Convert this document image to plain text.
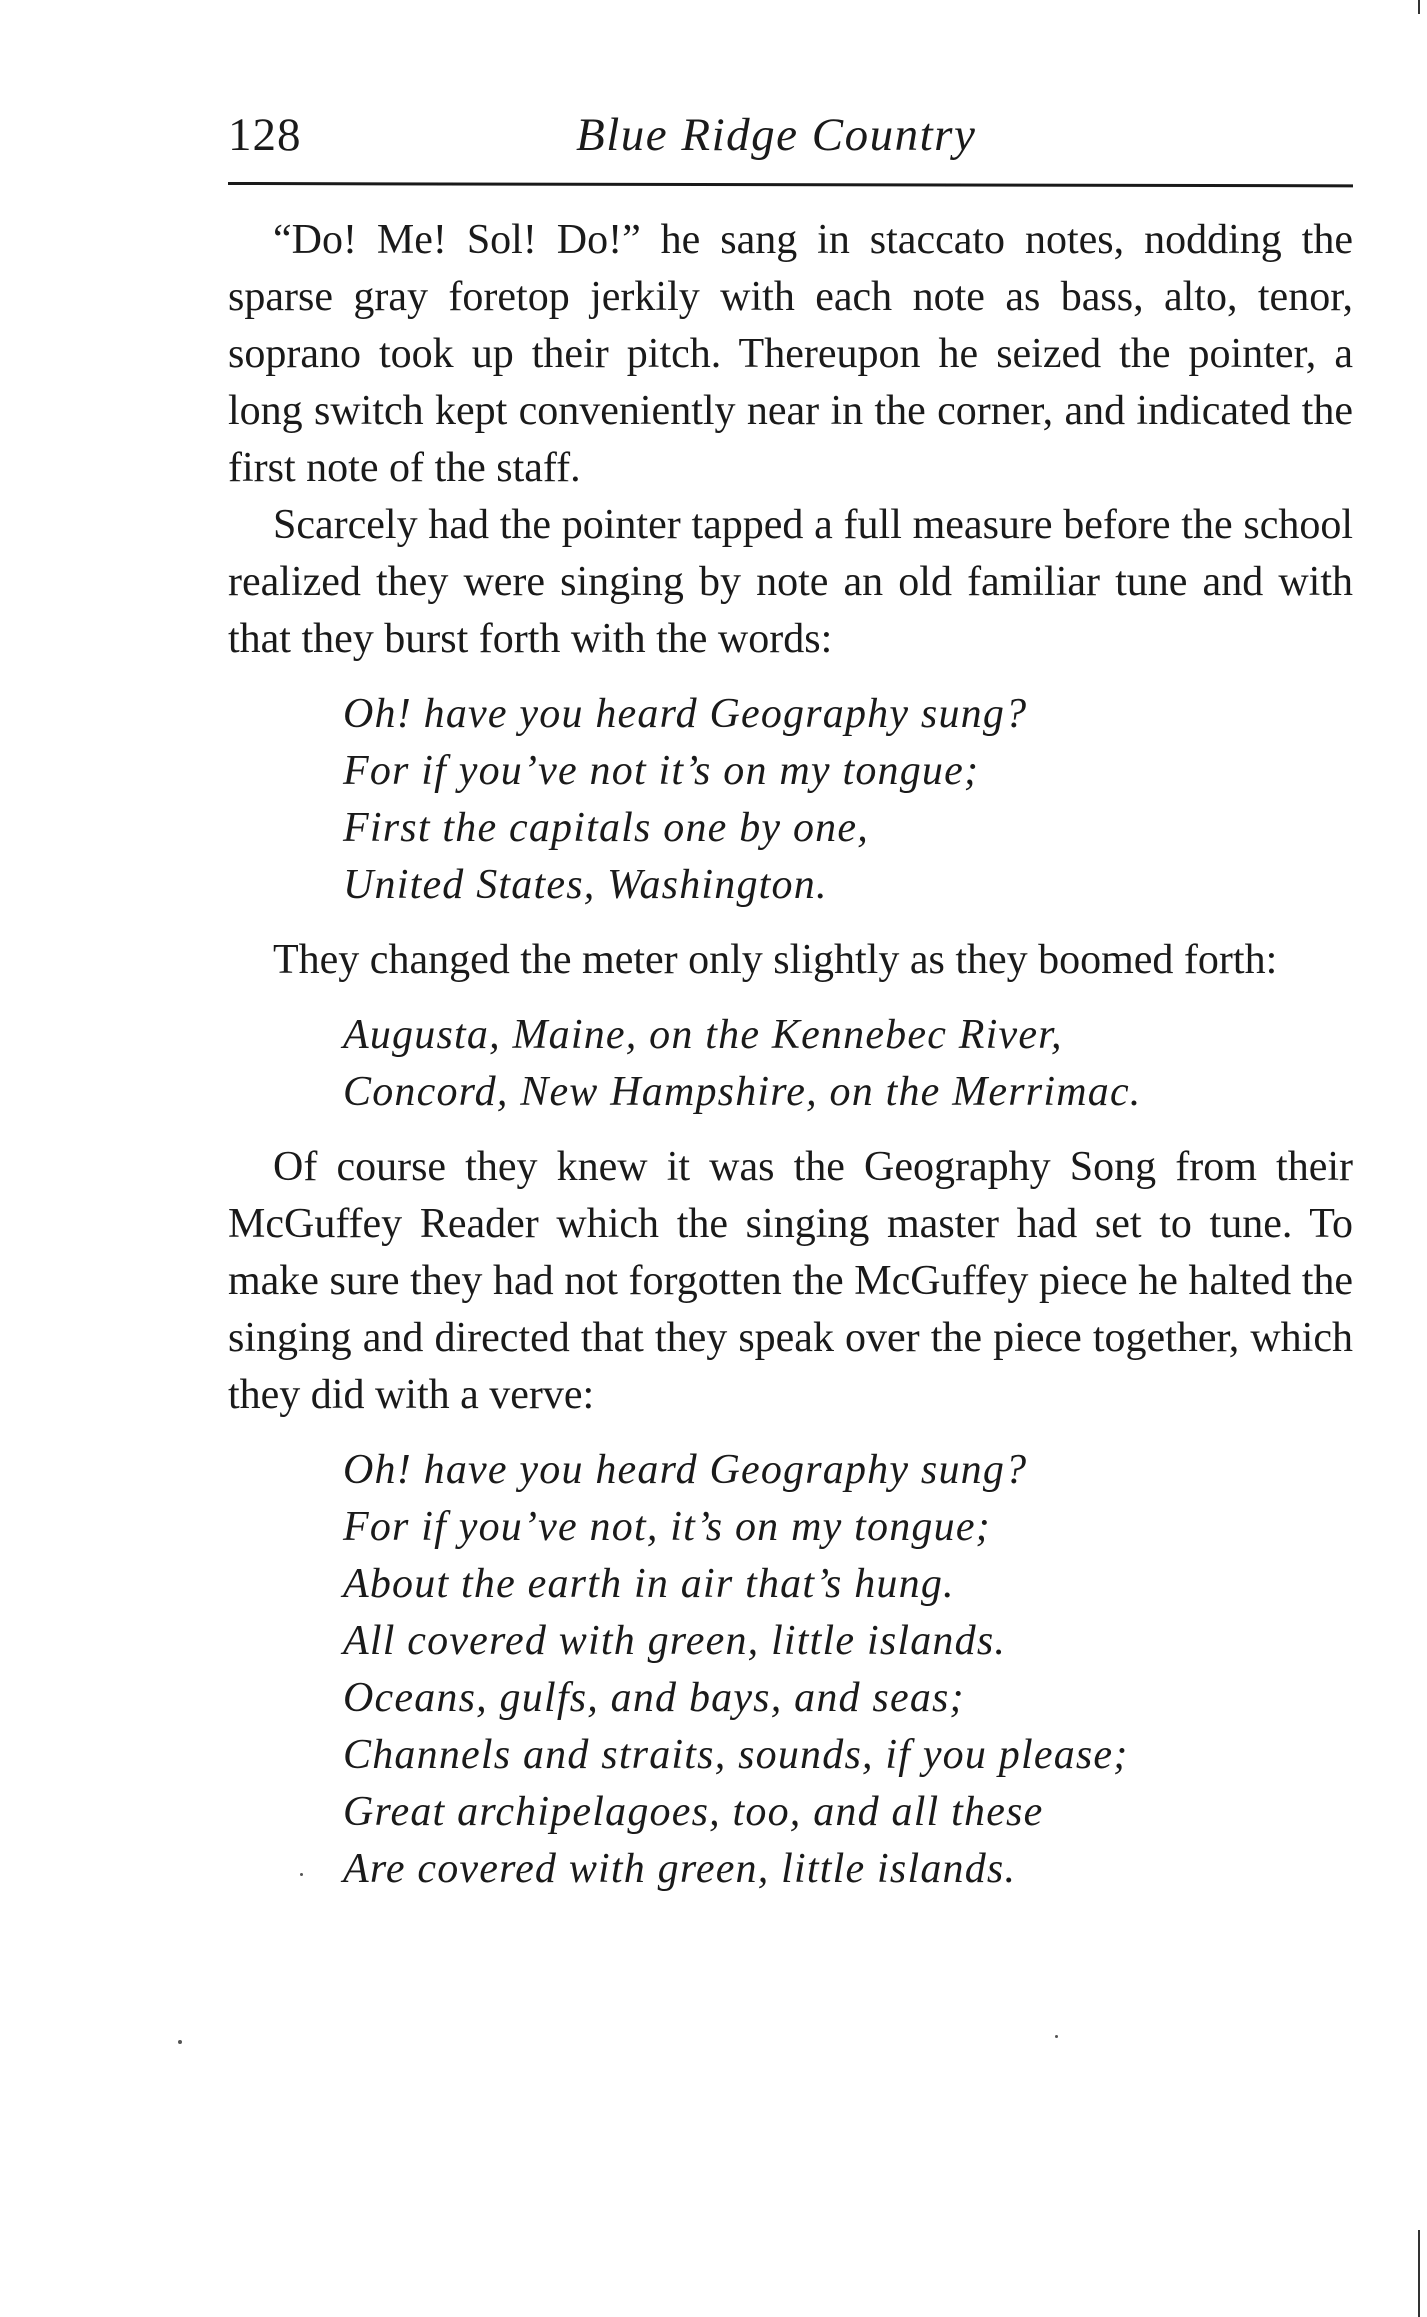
128	Blue Ridge Country

“Do! Me! Sol! Do!” he sang in staccato notes, nodding the sparse gray foretop jerkily with each note as bass, alto, tenor, soprano took up their pitch. Thereupon he seized the pointer, a long switch kept conveniently near in the corner, and indicated the first note of the staff.

Scarcely had the pointer tapped a full measure before the school realized they were singing by note an old familiar tune and with that they burst forth with the words:

Oh! have you heard Geography sung?
For if you’ve not it’s on my tongue;
First the capitals one by one,
United States, Washington.

They changed the meter only slightly as they boomed forth:

Augusta, Maine, on the Kennebec River,
Concord, New Hampshire, on the Merrimac.

Of course they knew it was the Geography Song from their McGuffey Reader which the singing master had set to tune. To make sure they had not forgotten the McGuffey piece he halted the singing and directed that they speak over the piece together, which they did with a verve:

Oh! have you heard Geography sung?
For if you’ve not, it’s on my tongue;
About the earth in air that’s hung.
All covered with green, little islands.
Oceans, gulfs, and bays, and seas;
Channels and straits, sounds, if you please;
Great archipelagoes, too, and all these
Are covered with green, little islands.
